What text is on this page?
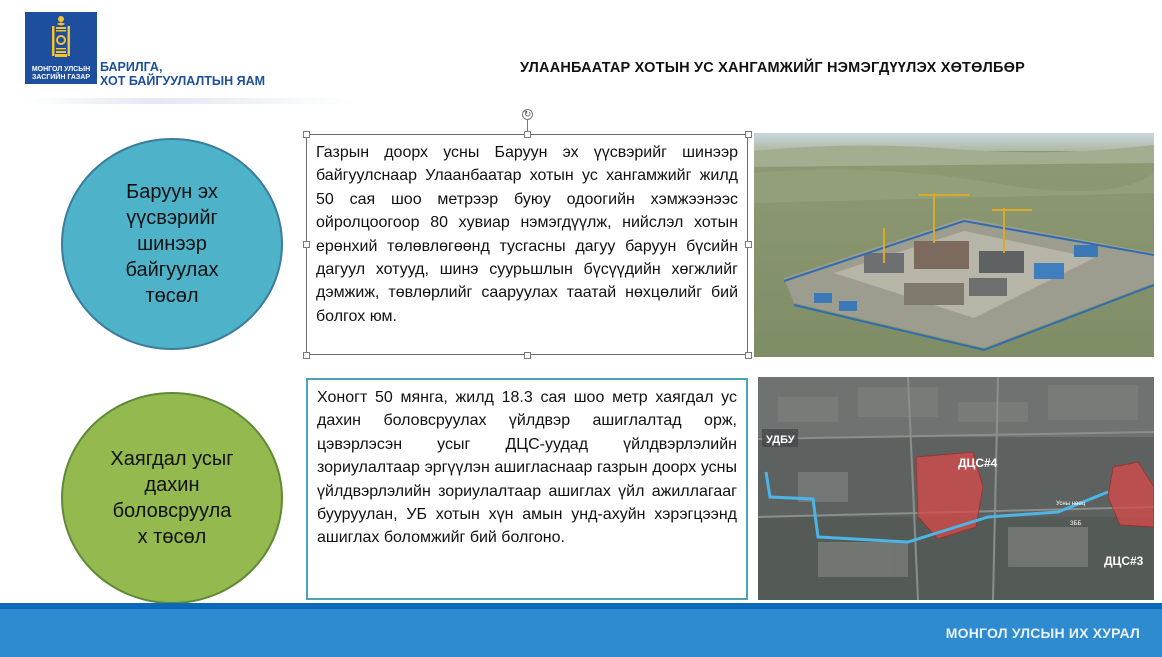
МОНГОЛ УЛСЫН
ЗАСГИЙН ГАЗАР
БАРИЛГА,
ХОТ БАЙГУУЛАЛТЫН ЯАМ
УЛААНБААТАР ХОТЫН УС ХАНГАМЖИЙГ НЭМЭГДҮҮЛЭХ ХӨТӨЛБӨР
Баруун эх
үүсвэрийг
шинээр
байгуулах
төсөл
↻
Газрын доорх усны Баруун эх үүсвэрийг шинээр байгуулснаар Улаанбаатар хотын ус хангамжийг жилд 50 сая шоо метрээр буюу одоогийн хэмжээнээс ойролцоогоор 80 хувиар нэмэгдүүлж, нийслэл хотын ерөнхий төлөвлөгөөнд тусгасны дагуу баруун бүсийн дагуул хотууд, шинэ суурьшлын бүсүүдийн хөгжлийг дэмжиж, төвлөрлийг сааруулах таатай нөхцөлийг бий болгох юм.
Хаягдал усыг
дахин
боловсруула
х төсөл
Хоногт 50 мянга, жилд 18.3 сая шоо метр хаягдал ус дахин боловсруулах үйлдвэр ашиглалтад орж, цэвэрлэсэн усыг ДЦС-уудад үйлдвэрлэлийн зориулалтаар эргүүлэн ашигласнаар газрын доорх усны үйлдвэрлэлийн зориулалтаар ашиглах үйл ажиллагааг бууруулан, УБ хотын хүн амын унд-ахуйн хэрэгцээнд ашиглах боломжийг бий болгоно.
УДБУ
ДЦС#4
ДЦС#3
Усны нөөц
ЗББ
МОНГОЛ УЛСЫН ИХ ХУРАЛ
